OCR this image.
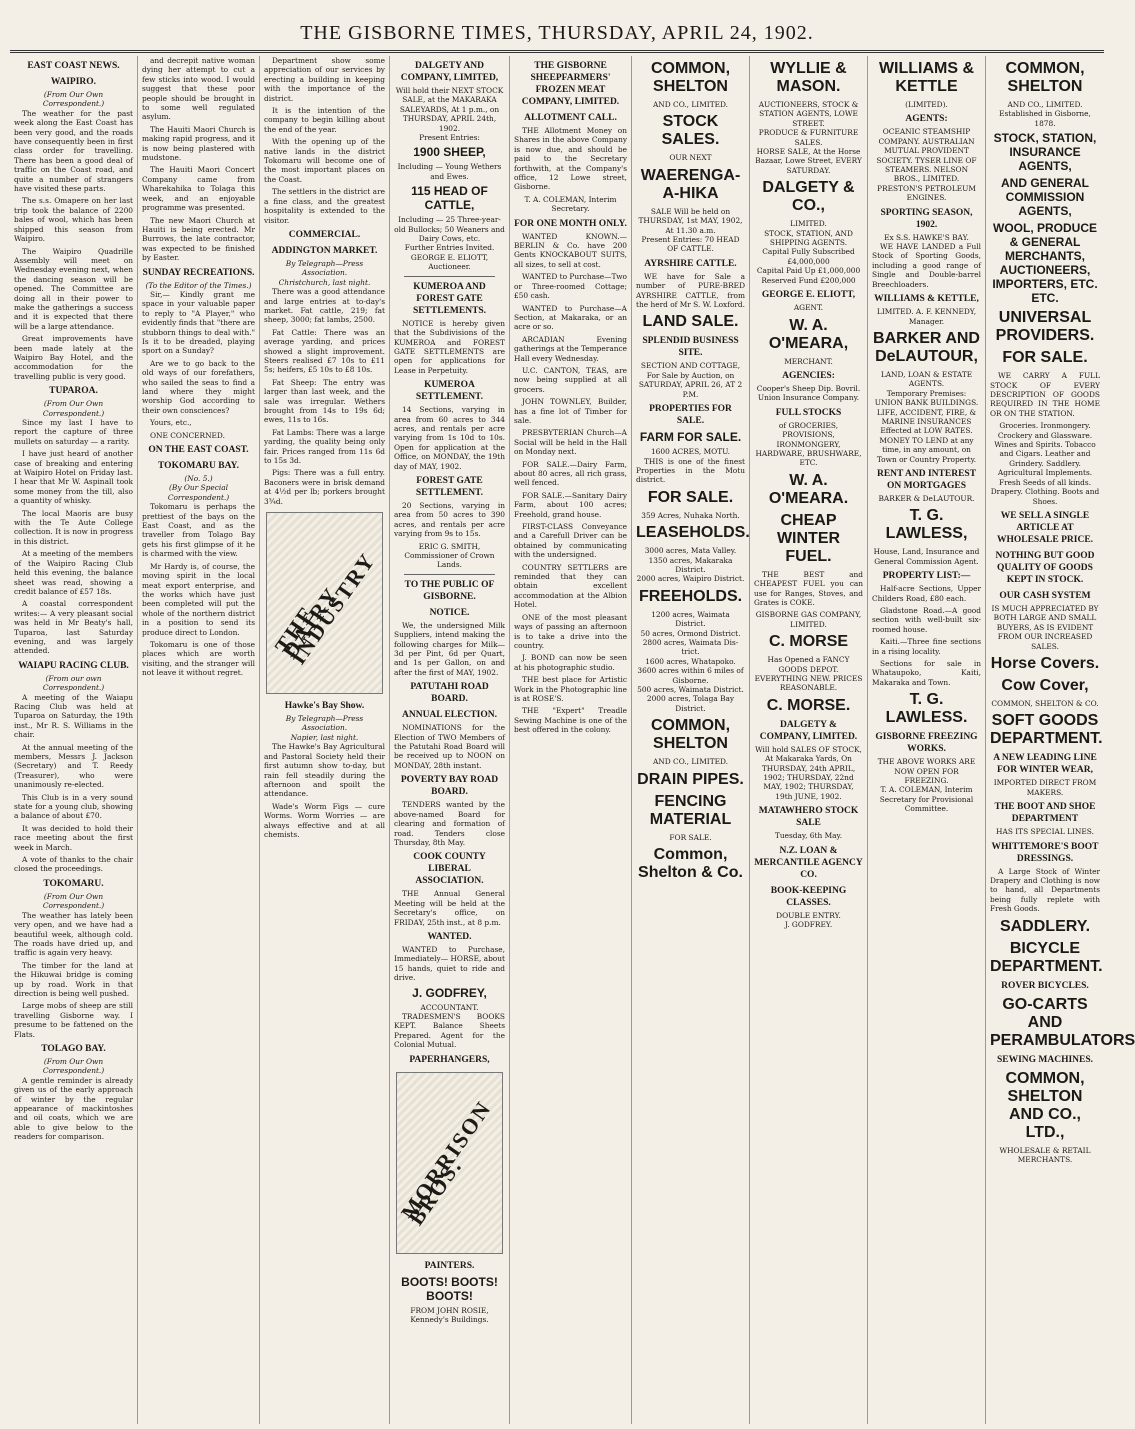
THE GISBORNE TIMES, THURSDAY, APRIL 24, 1902.
EAST COAST NEWS.
WAIPIRO.
(From Our Own Correspondent.)

The weather for the past week along the East Coast has been very good, and the roads have consequently been in first class order for travelling. There has been a good deal of traffic on the Coast road, and quite a number of strangers have visited these parts.

The s.s. Omapere on her last trip took the balance of 2200 bales of wool, which has been shipped this season from Waipiro.

The Waipiro Quadrille Assembly will meet on Wednesday evening next, when the dancing season will be opened. The Committee are doing all in their power to make the gatherings a success and it is expected that there will be a large attendance.

Great improvements have been made lately at the Waipiro Bay Hotel, and the accommodation for the travelling public is very good.

TUPAROA.
(From Our Own Correspondent.)

Since my last I have to report the capture of three mullets on saturday — a rarity.

I have just heard of another case of breaking and entering at Waipiro Hotel on Friday last. I hear that Mr W. Aspinall took some money from the till, also a quantity of whisky.

The local Maoris are busy with the Te Aute College collection. It is now in progress in this district.

At a meeting of the members of the Waipiro Racing Club held this evening, the balance sheet was read, showing a credit balance of £57 18s.

A coastal correspondent writes:— A very pleasant social was held in Mr Beaty's hall, Tuparoa, last Saturday evening, and was largely attended.

WAIAPU RACING CLUB.
(From our own Correspondent.)

A meeting of the Waiapu Racing Club was held at Tuparoa on Saturday, the 19th inst., Mr R. S. Williams in the chair.

At the annual meeting of the members, Messrs J. Jackson (Secretary) and T. Reedy (Treasurer), who were unanimously re-elected.

This Club is in a very sound state for a young club, showing a balance of about £70.

It was decided to hold their race meeting about the first week in March.

A vote of thanks to the chair closed the proceedings.

TOKOMARU.
(From Our Own Correspondent.)

The weather has lately been very open, and we have had a beautiful week, although cold. The roads have dried up, and traffic is again very heavy.

The timber for the land at the Hikuwai bridge is coming up by road. Work in that direction is being well pushed.

Large mobs of sheep are still travelling Gisborne way. I presume to be fattened on the Flats.

TOLAGO BAY.
(From Our Own Correspondent.)

A gentle reminder is already given us of the early approach of winter by the regular appearance of mackintoshes and oil coats, which we are able to give below to the readers for comparison.

and decrepit native woman dying her attempt to cut a few sticks into wood. I would suggest that these poor people should be brought in to some well regulated asylum.

The Hauiti Maori Church is making rapid progress, and it is now being plastered with mudstone.

The Hauiti Maori Concert Company came from Wharekahika to Tolaga this week, and an enjoyable programme was presented.

The new Maori Church at Hauiti is being erected. Mr Burrows, the late contractor, was expected to be finished by Easter.

SUNDAY RECREATIONS.
(To the Editor of the Times.)

Sir,— Kindly grant me space in your valuable paper to reply to "A Player," who evidently finds that "there are stubborn things to deal with." Is it to be dreaded, playing sport on a Sunday?

Are we to go back to the old ways of our forefathers, who sailed the seas to find a land where they might worship God according to their own consciences?

Yours, etc.,

ONE CONCERNED.

ON THE EAST COAST.
TOKOMARU BAY.
(No. 5.)
(By Our Special Correspondent.)

Tokomaru is perhaps the prettiest of the bays on the East Coast, and as the traveller from Tolago Bay gets his first glimpse of it he is charmed with the view.

Mr Hardy is, of course, the moving spirit in the local meat export enterprise, and the works which have just been completed will put the whole of the northern district in a position to send its produce direct to London.

Tokomaru is one of those places which are worth visiting, and the stranger will not leave it without regret.

Department show some appreciation of our services by erecting a building in keeping with the importance of the district.

It is the intention of the company to begin killing about the end of the year.

With the opening up of the native lands in the district Tokomaru will become one of the most important places on the Coast.

The settlers in the district are a fine class, and the greatest hospitality is extended to the visitor.

COMMERCIAL.
ADDINGTON MARKET.
By Telegraph—Press Association.
Christchurch, last night.

There was a good attendance and large entries at to-day's market. Fat cattle, 219; fat sheep, 3000; fat lambs, 2500.

Fat Cattle: There was an average yarding, and prices showed a slight improvement. Steers realised £7 10s to £11 5s; heifers, £5 10s to £8 10s.

Fat Sheep: The entry was larger than last week, and the sale was irregular. Wethers brought from 14s to 19s 6d; ewes, 11s to 16s.

Fat Lambs: There was a large yarding, the quality being only fair. Prices ranged from 11s 6d to 15s 3d.

Pigs: There was a full entry. Baconers were in brisk demand at 4½d per lb; porkers brought 3¾d.

THE DAIRY INDUSTRY
Hawke's Bay Show.
By Telegraph—Press Association.
Napier, last night.

The Hawke's Bay Agricultural and Pastoral Society held their first autumn show to-day, but rain fell steadily during the afternoon and spoilt the attendance.

Wade's Worm Figs — cure Worms. Worm Worries — are always effective and at all chemists.

DALGETY AND COMPANY, LIMITED,
Will hold their NEXT STOCK SALE, at the MAKARAKA SALEYARDS, At 1 p.m., on THURSDAY, APRIL 24th, 1902.
Present Entries:
1900 SHEEP,
Including — Young Wethers and Ewes.
115 HEAD OF CATTLE,
Including — 25 Three-year-old Bullocks; 50 Weaners and Dairy Cows, etc.
Further Entries Invited.
GEORGE E. ELIOTT, Auctioneer.
KUMEROA AND FOREST GATE SETTLEMENTS.

NOTICE is hereby given that the Subdivisions of the KUMEROA and FOREST GATE SETTLEMENTS are open for applications for Lease in Perpetuity.

KUMEROA SETTLEMENT.

14 Sections, varying in area from 60 acres to 344 acres, and rentals per acre varying from 1s 10d to 10s. Open for application at the Office, on MONDAY, the 19th day of MAY, 1902.

FOREST GATE SETTLEMENT.

20 Sections, varying in area from 50 acres to 390 acres, and rentals per acre varying from 9s to 15s.

ERIC G. SMITH, Commissioner of Crown Lands.
TO THE PUBLIC OF GISBORNE.
NOTICE.

We, the undersigned Milk Suppliers, intend making the following charges for Milk— 3d per Pint, 6d per Quart, and 1s per Gallon, on and after the first of MAY, 1902.

PATUTAHI ROAD BOARD.
ANNUAL ELECTION.

NOMINATIONS for the Election of TWO Members of the Patutahi Road Board will be received up to NOON on MONDAY, 28th instant.

POVERTY BAY ROAD BOARD.

TENDERS wanted by the above-named Board for clearing and formation of road. Tenders close Thursday, 8th May.

COOK COUNTY LIBERAL ASSOCIATION.

THE Annual General Meeting will be held at the Secretary's office, on FRIDAY, 25th inst., at 8 p.m.

WANTED.

WANTED to Purchase, Immediately— HORSE, about 15 hands, quiet to ride and drive.

J. GODFREY,
ACCOUNTANT.

TRADESMEN'S BOOKS KEPT. Balance Sheets Prepared. Agent for the Colonial Mutual.

PAPERHANGERS,
MORRISON BROS.
PAINTERS.
BOOTS! BOOTS! BOOTS!
FROM JOHN ROSIE, Kennedy's Buildings.
THE GISBORNE SHEEPFARMERS' FROZEN MEAT COMPANY, LIMITED.
ALLOTMENT CALL.

THE Allotment Money on Shares in the above Company is now due, and should be paid to the Secretary forthwith, at the Company's office, 12 Lowe street, Gisborne.

T. A. COLEMAN, Interim Secretary.
FOR ONE MONTH ONLY.

WANTED KNOWN.— BERLIN & Co. have 200 Gents KNOCKABOUT SUITS, all sizes, to sell at cost.

WANTED to Purchase—Two or Three-roomed Cottage; £50 cash.

WANTED to Purchase—A Section, at Makaraka, or an acre or so.

ARCADIAN Evening gatherings at the Temperance Hall every Wednesday.

U.C. CANTON, TEAS, are now being supplied at all grocers.

JOHN TOWNLEY, Builder, has a fine lot of Timber for sale.

PRESBYTERIAN Church—A Social will be held in the Hall on Monday next.

FOR SALE.—Dairy Farm, about 80 acres, all rich grass, well fenced.

FOR SALE.—Sanitary Dairy Farm, about 100 acres; Freehold, grand house.

FIRST-CLASS Conveyance and a Carefull Driver can be obtained by communicating with the undersigned.

COUNTRY SETTLERS are reminded that they can obtain excellent accommodation at the Albion Hotel.

ONE of the most pleasant ways of passing an afternoon is to take a drive into the country.

J. BOND can now be seen at his photographic studio.

THE best place for Artistic Work in the Photographic line is at ROSE'S.

THE "Expert" Treadle Sewing Machine is one of the best offered in the colony.

COMMON, SHELTON
AND CO., LIMITED.
STOCK SALES.
OUR NEXT
WAERENGA-A-HIKA
SALE Will be held on THURSDAY, 1st MAY, 1902, At 11.30 a.m.
Present Entries: 70 HEAD OF CATTLE.
AYRSHIRE CATTLE.

WE have for Sale a number of PURE-BRED AYRSHIRE CATTLE, from the herd of Mr S. W. Loxford.

LAND SALE.
SPLENDID BUSINESS SITE.
SECTION AND COTTAGE, For Sale by Auction, on SATURDAY, APRIL 26, AT 2 P.M.
PROPERTIES FOR SALE.
FARM FOR SALE.
1600 ACRES, MOTU.

THIS is one of the finest Properties in the Motu district.

FOR SALE.
359 Acres, Nuhaka North.
LEASEHOLDS.
3000 acres, Mata Valley.
1350 acres, Makaraka District.
2000 acres, Waipiro District.
FREEHOLDS.
1200 acres, Waimata District.
50 acres, Ormond District.
2800 acres, Waimata Dis-trict.
1600 acres, Whatapoko.
3600 acres within 6 miles of Gisborne.
500 acres, Waimata District.
2000 acres, Tolaga Bay District.
COMMON, SHELTON
AND CO., LIMITED.
DRAIN PIPES.
FENCING MATERIAL
FOR SALE.
Common, Shelton & Co.
WYLLIE & MASON.
AUCTIONEERS, STOCK & STATION AGENTS, LOWE STREET.
PRODUCE & FURNITURE SALES.
HORSE SALE, At the Horse Bazaar, Lowe Street, EVERY SATURDAY.
DALGETY & CO.,
LIMITED.
STOCK, STATION, AND SHIPPING AGENTS.
Capital Fully Subscribed £4,000,000
Capital Paid Up £1,000,000
Reserved Fund £200,000
GEORGE E. ELIOTT,
AGENT.
W. A. O'MEARA,
MERCHANT.
AGENCIES:
Cooper's Sheep Dip. Bovril. Union Insurance Company.
FULL STOCKS
of GROCERIES, PROVISIONS, IRONMONGERY, HARDWARE, BRUSHWARE, ETC.
W. A. O'MEARA.
CHEAP WINTER FUEL.

THE BEST and CHEAPEST FUEL you can use for Ranges, Stoves, and Grates is COKE.

GISBORNE GAS COMPANY, LIMITED.
C. MORSE
Has Opened a FANCY GOODS DEPOT.
EVERYTHING NEW. PRICES REASONABLE.
C. MORSE.
DALGETY & COMPANY, LIMITED.
Will hold SALES OF STOCK, At Makaraka Yards, On THURSDAY, 24th APRIL, 1902; THURSDAY, 22nd MAY, 1902; THURSDAY, 19th JUNE, 1902.
MATAWHERO STOCK SALE
Tuesday, 6th May.
N.Z. LOAN & MERCANTILE AGENCY CO.
BOOK-KEEPING CLASSES.
DOUBLE ENTRY.
J. GODFREY.
WILLIAMS & KETTLE
(LIMITED).
AGENTS:
OCEANIC STEAMSHIP COMPANY. AUSTRALIAN MUTUAL PROVIDENT SOCIETY. TYSER LINE OF STEAMERS. NELSON BROS., LIMITED. PRESTON'S PETROLEUM ENGINES.
SPORTING SEASON, 1902.
Ex S.S. HAWKE'S BAY.

WE HAVE LANDED a Full Stock of Sporting Goods, including a good range of Single and Double-barrel Breechloaders.

WILLIAMS & KETTLE,
LIMITED. A. F. KENNEDY, Manager.
BARKER AND DeLAUTOUR,
LAND, LOAN & ESTATE AGENTS.
Temporary Premises: UNION BANK BUILDINGS.
LIFE, ACCIDENT, FIRE, & MARINE INSURANCES Effected at LOW RATES.
MONEY TO LEND at any time, in any amount, on Town or Country Property.
RENT AND INTEREST ON MORTGAGES
BARKER & DeLAUTOUR.
T. G. LAWLESS,
House, Land, Insurance and General Commission Agent.
PROPERTY LIST:—

Half-acre Sections, Upper Childers Road, £80 each.

Gladstone Road.—A good section with well-built six-roomed house.

Kaiti.—Three fine sections in a rising locality.

Sections for sale in Whataupoko, Kaiti, Makaraka and Town.

T. G. LAWLESS.
GISBORNE FREEZING WORKS.
THE ABOVE WORKS ARE NOW OPEN FOR FREEZING.
T. A. COLEMAN, Interim Secretary for Provisional Committee.
COMMON, SHELTON
AND CO., LIMITED.
Established in Gisborne, 1878.
STOCK, STATION, INSURANCE AGENTS,
AND GENERAL COMMISSION AGENTS,
WOOL, PRODUCE & GENERAL MERCHANTS, AUCTIONEERS, IMPORTERS, ETC. ETC.
UNIVERSAL PROVIDERS.
FOR SALE.

WE CARRY A FULL STOCK OF EVERY DESCRIPTION OF GOODS REQUIRED IN THE HOME OR ON THE STATION.

Groceries. Ironmongery. Crockery and Glassware. Wines and Spirits. Tobacco and Cigars. Leather and Grindery. Saddlery. Agricultural Implements. Fresh Seeds of all kinds. Drapery. Clothing. Boots and Shoes.
WE SELL A SINGLE ARTICLE AT WHOLESALE PRICE.
NOTHING BUT GOOD QUALITY OF GOODS KEPT IN STOCK.
OUR CASH SYSTEM
IS MUCH APPRECIATED BY BOTH LARGE AND SMALL BUYERS, AS IS EVIDENT FROM OUR INCREASED SALES.
Horse Covers.
Cow Cover,
COMMON, SHELTON & CO.
SOFT GOODS DEPARTMENT.
A NEW LEADING LINE FOR WINTER WEAR,
IMPORTED DIRECT FROM MAKERS.
THE BOOT AND SHOE DEPARTMENT
HAS ITS SPECIAL LINES.
WHITTEMORE'S BOOT DRESSINGS.

A Large Stock of Winter Drapery and Clothing is now to hand, all Departments being fully replete with Fresh Goods.

SADDLERY.
BICYCLE DEPARTMENT.
ROVER BICYCLES.
GO-CARTS AND PERAMBULATORS
SEWING MACHINES.
COMMON, SHELTON AND CO., LTD.,
WHOLESALE & RETAIL MERCHANTS.
